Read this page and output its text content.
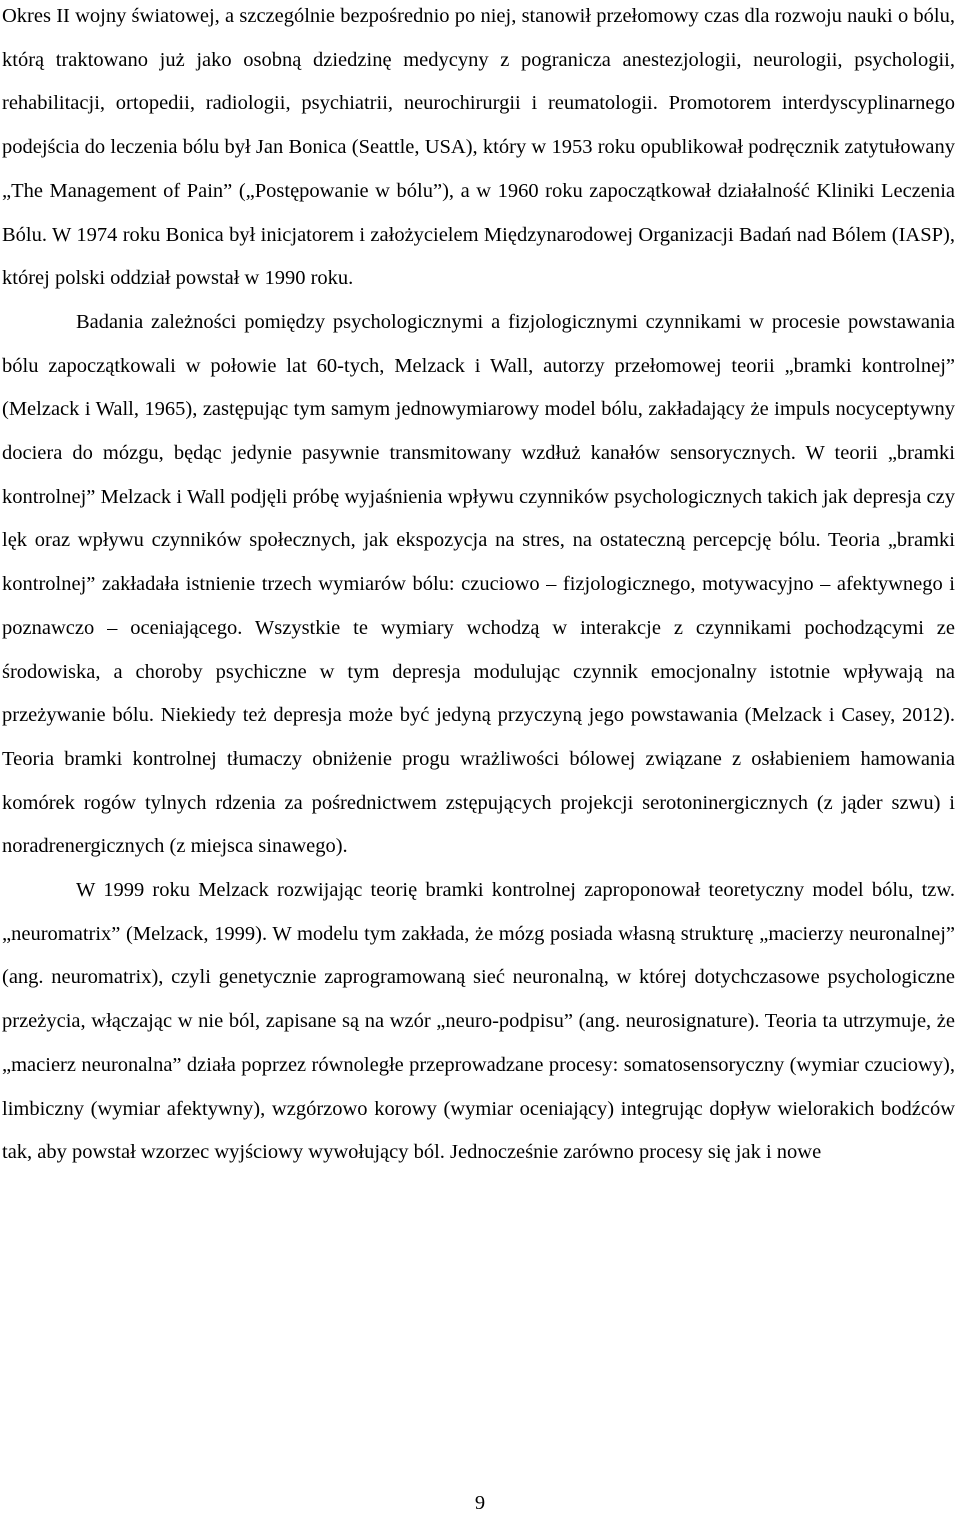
Okres II wojny światowej, a szczególnie bezpośrednio po niej, stanowił przełomowy czas dla rozwoju nauki o bólu, którą traktowano już jako osobną dziedzinę medycyny z pogranicza anestezjologii, neurologii, psychologii, rehabilitacji, ortopedii, radiologii, psychiatrii, neurochirurgii i reumatologii. Promotorem interdyscyplinarnego podejścia do leczenia bólu był Jan Bonica (Seattle, USA), który w 1953 roku opublikował podręcznik zatytułowany „The Management of Pain” („Postępowanie w bólu”), a w 1960 roku zapoczątkował działalność Kliniki Leczenia Bólu. W 1974 roku Bonica był inicjatorem i założycielem Międzynarodowej Organizacji Badań nad Bólem (IASP), której polski oddział powstał w 1990 roku.

Badania zależności pomiędzy psychologicznymi a fizjologicznymi czynnikami w procesie powstawania bólu zapoczątkowali w połowie lat 60-tych, Melzack i Wall, autorzy przełomowej teorii „bramki kontrolnej” (Melzack i Wall, 1965), zastępując tym samym jednowymiarowy model bólu, zakładający że impuls nocyceptywny dociera do mózgu, będąc jedynie pasywnie transmitowany wzdłuż kanałów sensorycznych. W teorii „bramki kontrolnej” Melzack i Wall podjęli próbę wyjaśnienia wpływu czynników psychologicznych takich jak depresja czy lęk oraz wpływu czynników społecznych, jak ekspozycja na stres, na ostateczną percepcję bólu. Teoria „bramki kontrolnej” zakładała istnienie trzech wymiarów bólu: czuciowo – fizjologicznego, motywacyjno – afektywnego i poznawczo – oceniającego. Wszystkie te wymiary wchodzą w interakcje z czynnikami pochodzącymi ze środowiska, a choroby psychiczne w tym depresja modulując czynnik emocjonalny istotnie wpływają na przeżywanie bólu. Niekiedy też depresja może być jedyną przyczyną jego powstawania (Melzack i Casey, 2012). Teoria bramki kontrolnej tłumaczy obniżenie progu wrażliwości bólowej związane z osłabieniem hamowania komórek rogów tylnych rdzenia za pośrednictwem zstępujących projekcji serotoninergicznych (z jąder szwu) i noradrenergicznych (z miejsca sinawego).

W 1999 roku Melzack rozwijając teorię bramki kontrolnej zaproponował teoretyczny model bólu, tzw. „neuromatrix” (Melzack, 1999). W modelu tym zakłada, że mózg posiada własną strukturę „macierzy neuronalnej” (ang. neuromatrix), czyli genetycznie zaprogramowaną sieć neuronalną, w której dotychczasowe psychologiczne przeżycia, włączając w nie ból, zapisane są na wzór „neuro-podpisu” (ang. neurosignature). Teoria ta utrzymuje, że „macierz neuronalna” działa poprzez równoległe przeprowadzane procesy: somatosensoryczny (wymiar czuciowy), limbiczny (wymiar afektywny), wzgórzowo korowy (wymiar oceniający) integrując dopływ wielorakich bodźców tak, aby powstał wzorzec wyjściowy wywołujący ból. Jednocześnie zarówno procesy się jak i nowe

9
